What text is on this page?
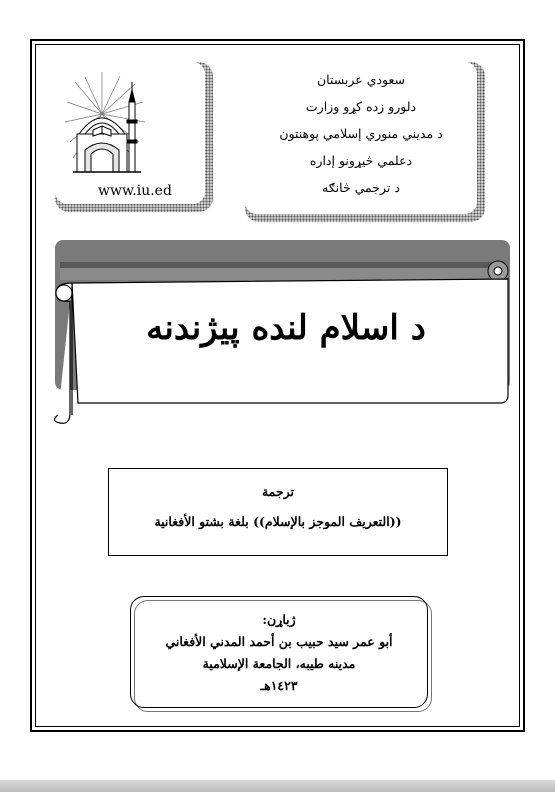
www.iu.ed
سعودي عربستان
دلورو زده کړو وزارت
د مديني منوري إسلامي پوهنتون
دعلمي څيړونو إداره
د ترجمي څانګه
د اسلام لنده پيژندنه
ترجمة
((التعريف الموجز بالإسلام)) بلغة بشتو الأفغانية
ژباړن:
أبو عمر سيد حبيب بن أحمد المدني الأفغاني
مدينه طيبه، الجامعة الإسلامية
١٤٢٣هـ
